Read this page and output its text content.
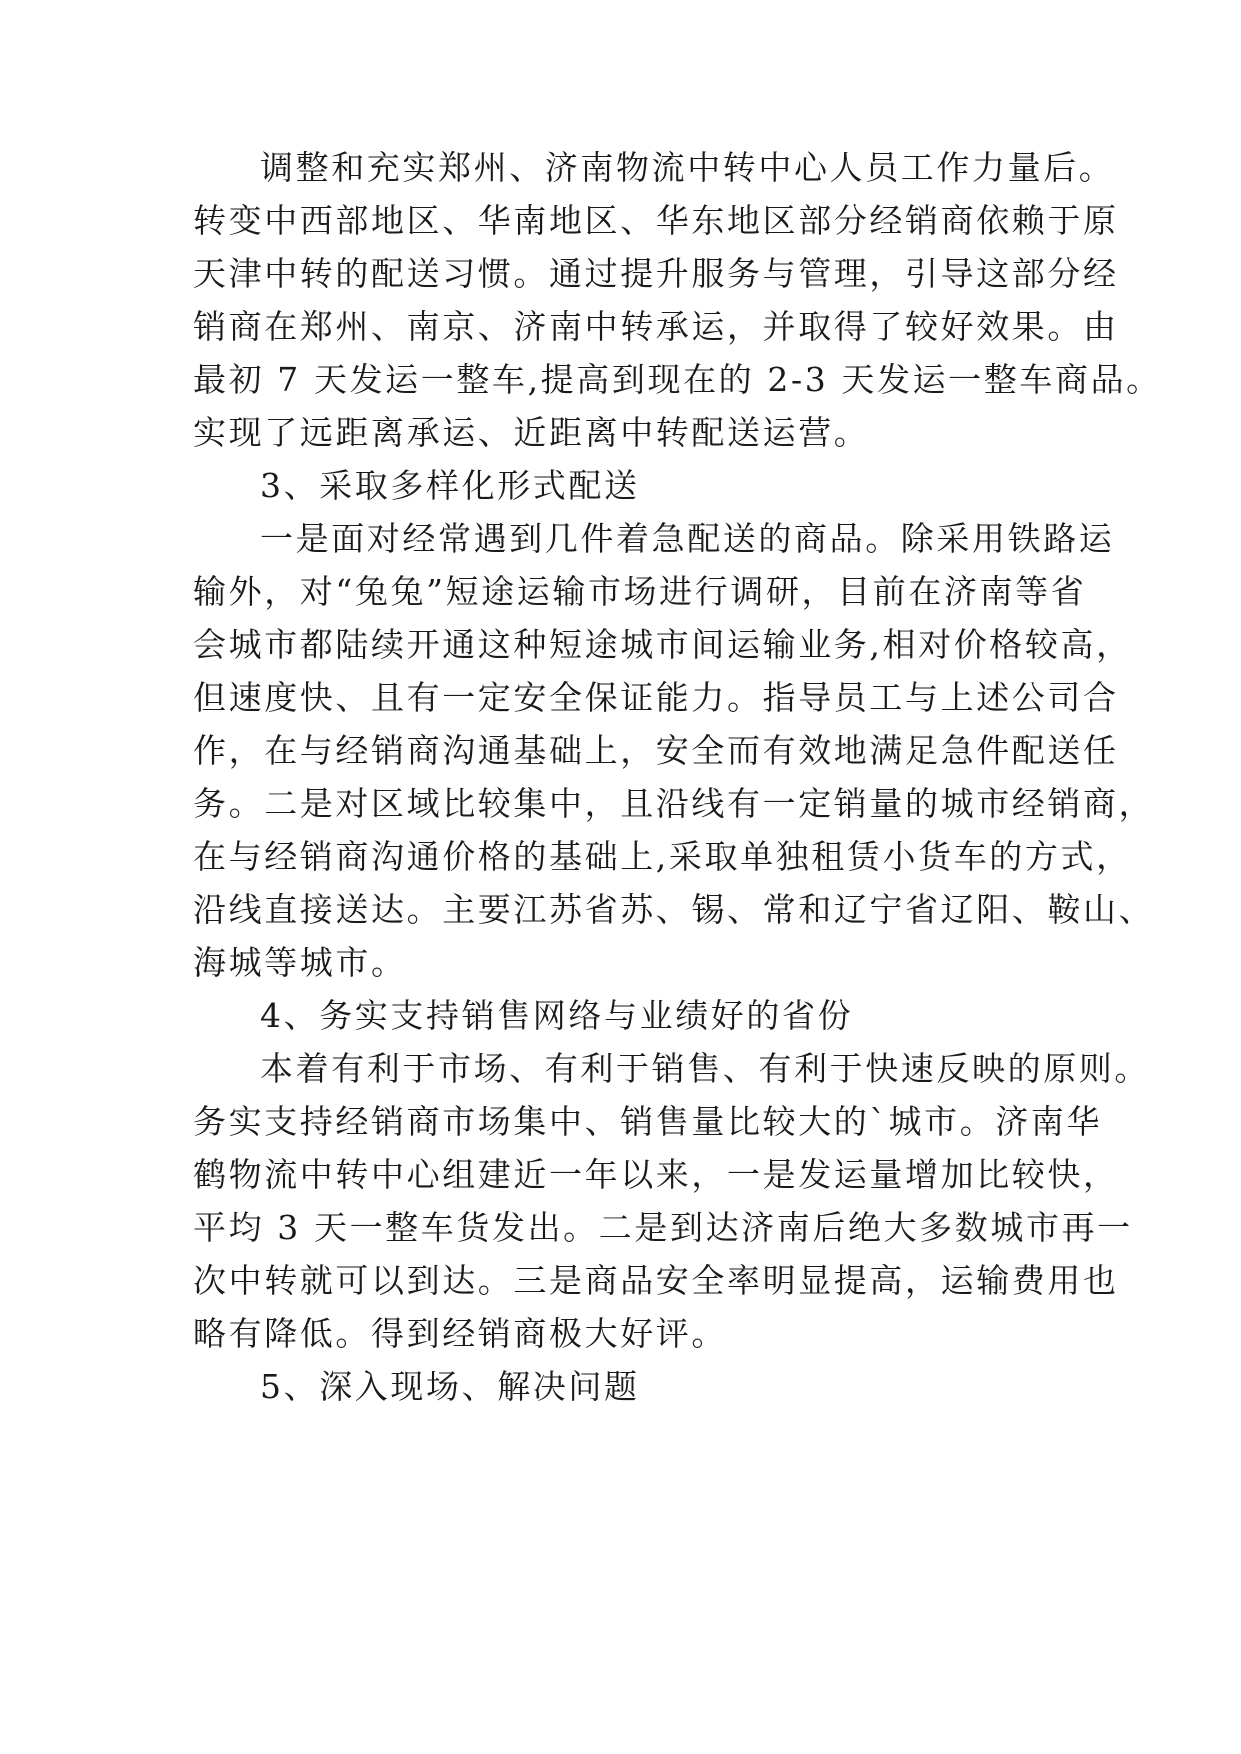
调整和充实郑州、济南物流中转中心人员工作力量后。
转变中西部地区、华南地区、华东地区部分经销商依赖于原
天津中转的配送习惯。通过提升服务与管理，引导这部分经
销商在郑州、南京、济南中转承运，并取得了较好效果。由
最初 7 天发运一整车,提高到现在的 2-3 天发运一整车商品。
实现了远距离承运、近距离中转配送运营。
3、采取多样化形式配送
一是面对经常遇到几件着急配送的商品。除采用铁路运
输外，对“兔兔”短途运输市场进行调研，目前在济南等省
会城市都陆续开通这种短途城市间运输业务,相对价格较高，
但速度快、且有一定安全保证能力。指导员工与上述公司合
作，在与经销商沟通基础上，安全而有效地满足急件配送任
务。二是对区域比较集中，且沿线有一定销量的城市经销商，
在与经销商沟通价格的基础上,采取单独租赁小货车的方式，
沿线直接送达。主要江苏省苏、锡、常和辽宁省辽阳、鞍山、
海城等城市。
4、务实支持销售网络与业绩好的省份
本着有利于市场、有利于销售、有利于快速反映的原则。
务实支持经销商市场集中、销售量比较大的`城市。济南华
鹤物流中转中心组建近一年以来，一是发运量增加比较快，
平均 3 天一整车货发出。二是到达济南后绝大多数城市再一
次中转就可以到达。三是商品安全率明显提高，运输费用也
略有降低。得到经销商极大好评。
5、深入现场、解决问题
